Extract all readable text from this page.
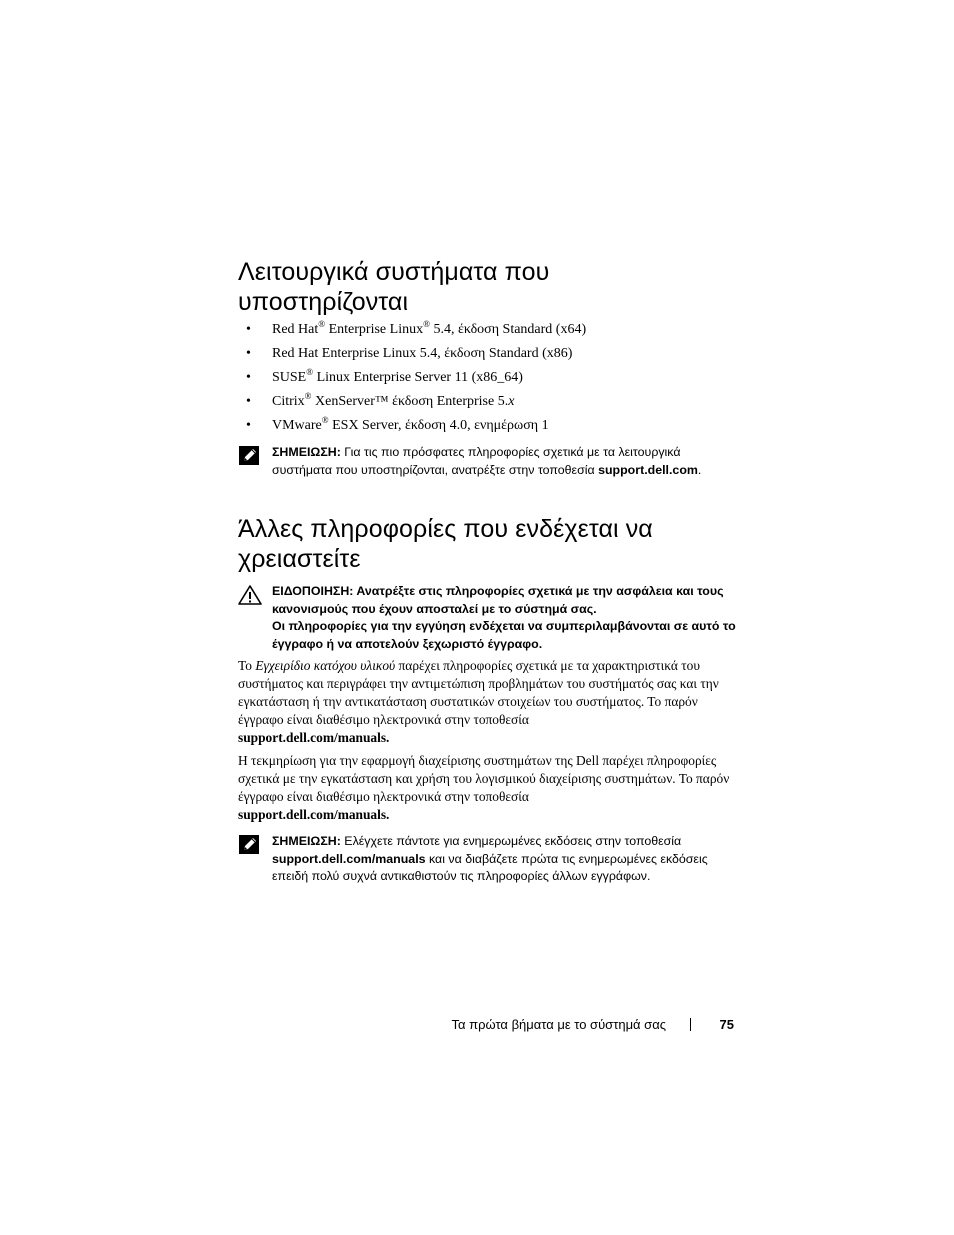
Λειτουργικά συστήματα που υποστηρίζονται
• Red Hat® Enterprise Linux® 5.4, έκδοση Standard (x64)
• Red Hat Enterprise Linux 5.4, έκδοση Standard (x86)
• SUSE® Linux Enterprise Server 11 (x86_64)
• Citrix® XenServer™ έκδοση Enterprise 5.x
• VMware® ESX Server, έκδοση 4.0, ενημέρωση 1
ΣΗΜΕΙΩΣΗ: Για τις πιο πρόσφατες πληροφορίες σχετικά με τα λειτουργικά συστήματα που υποστηρίζονται, ανατρέξτε στην τοποθεσία support.dell.com.
Άλλες πληροφορίες που ενδέχεται να χρειαστείτε
ΕΙΔΟΠΟΙΗΣΗ: Ανατρέξτε στις πληροφορίες σχετικά με την ασφάλεια και τους κανονισμούς που έχουν αποσταλεί με το σύστημά σας.
Οι πληροφορίες για την εγγύηση ενδέχεται να συμπεριλαμβάνονται σε αυτό το έγγραφο ή να αποτελούν ξεχωριστό έγγραφο.

Το Εγχειρίδιο κατόχου υλικού παρέχει πληροφορίες σχετικά με τα χαρακτηριστικά του συστήματος και περιγράφει την αντιμετώπιση προβλημάτων του συστήματός σας και την εγκατάσταση ή την αντικατάσταση συστατικών στοιχείων του συστήματος. Το παρόν έγγραφο είναι διαθέσιμο ηλεκτρονικά στην τοποθεσία
support.dell.com/manuals.

Η τεκμηρίωση για την εφαρμογή διαχείρισης συστημάτων της Dell παρέχει πληροφορίες σχετικά με την εγκατάσταση και χρήση του λογισμικού διαχείρισης συστημάτων. Το παρόν έγγραφο είναι διαθέσιμο ηλεκτρονικά στην τοποθεσία
support.dell.com/manuals.

ΣΗΜΕΙΩΣΗ: Ελέγχετε πάντοτε για ενημερωμένες εκδόσεις στην τοποθεσία support.dell.com/manuals και να διαβάζετε πρώτα τις ενημερωμένες εκδόσεις επειδή πολύ συχνά αντικαθιστούν τις πληροφορίες άλλων εγγράφων.
Τα πρώτα βήματα με το σύστημά σας	75
